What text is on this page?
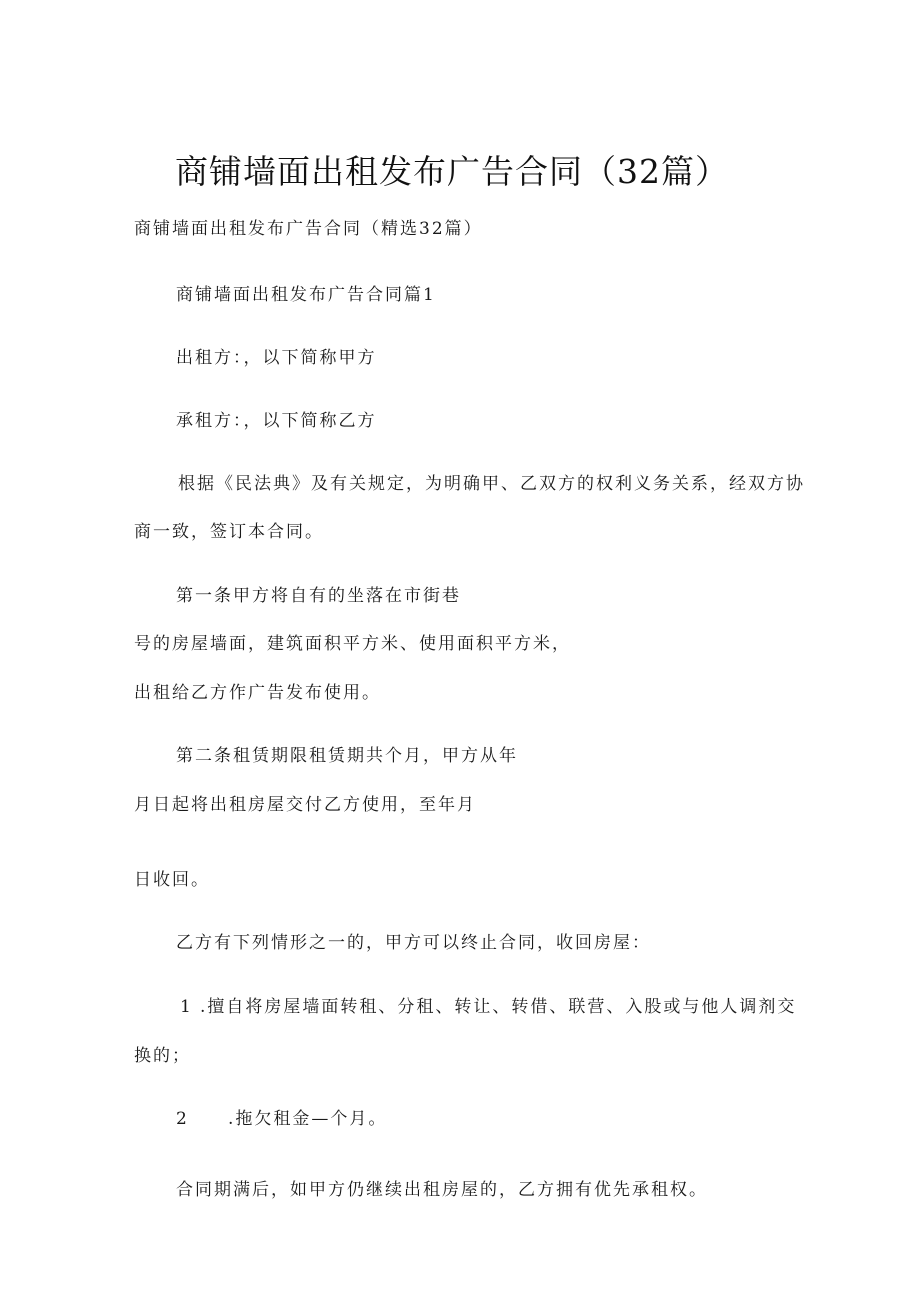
商铺墙面出租发布广告合同（32篇）
商铺墙面出租发布广告合同（精选32篇）
商铺墙面出租发布广告合同篇1
出租方：，以下简称甲方
承租方：，以下简称乙方
根据《民法典》及有关规定，为明确甲、乙双方的权利义务关系，经双方协
商一致，签订本合同。
第一条甲方将自有的坐落在市街巷
号的房屋墙面，建筑面积平方米、使用面积平方米，
出租给乙方作广告发布使用。
第二条租赁期限租赁期共个月，甲方从年
月日起将出租房屋交付乙方使用，至年月
日收回。
乙方有下列情形之一的，甲方可以终止合同，收回房屋：
1 .擅自将房屋墙面转租、分租、转让、转借、联营、入股或与他人调剂交
换的；
2 .拖欠租金—个月。
合同期满后，如甲方仍继续出租房屋的，乙方拥有优先承租权。
